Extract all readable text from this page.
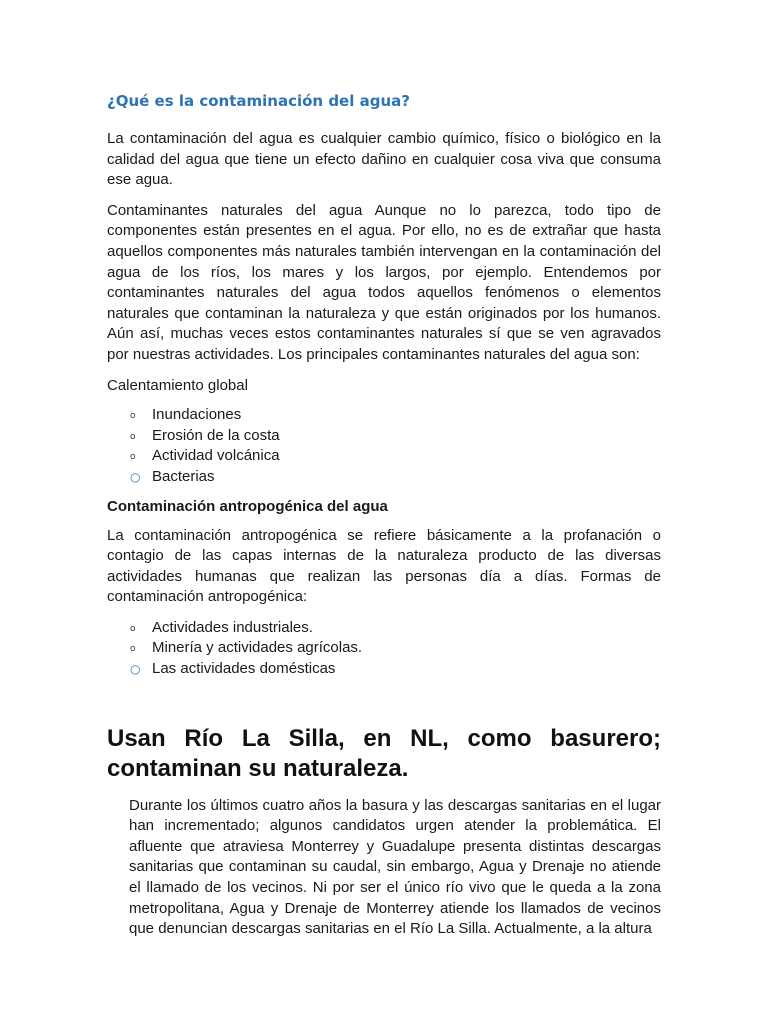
¿Qué es la contaminación del agua?

La contaminación del agua es cualquier cambio químico, físico o biológico en la calidad del agua que tiene un efecto dañino en cualquier cosa viva que consuma ese agua.

Contaminantes naturales del agua Aunque no lo parezca, todo tipo de componentes están presentes en el agua. Por ello, no es de extrañar que hasta aquellos componentes más naturales también intervengan en la contaminación del agua de los ríos, los mares y los largos, por ejemplo. Entendemos por contaminantes naturales del agua todos aquellos fenómenos o elementos naturales que contaminan la naturaleza y que están originados por los humanos. Aún así, muchas veces estos contaminantes naturales sí que se ven agravados por nuestras actividades. Los principales contaminantes naturales del agua son:

Calentamiento global

o Inundaciones
o Erosión de la costa
o Actividad volcánica
○ Bacterias
Contaminación antropogénica del agua

La contaminación antropogénica se refiere básicamente a la profanación o contagio de las capas internas de la naturaleza producto de las diversas actividades humanas que realizan las personas día a días. Formas de contaminación antropogénica:

o Actividades industriales.
o Minería y actividades agrícolas.
○ Las actividades domésticas
Usan Río La Silla, en NL, como basurero; contaminan su naturaleza.

Durante los últimos cuatro años la basura y las descargas sanitarias en el lugar han incrementado; algunos candidatos urgen atender la problemática. El afluente que atraviesa Monterrey y Guadalupe presenta distintas descargas sanitarias que contaminan su caudal, sin embargo, Agua y Drenaje no atiende el llamado de los vecinos. Ni por ser el único río vivo que le queda a la zona metropolitana, Agua y Drenaje de Monterrey atiende los llamados de vecinos que denuncian descargas sanitarias en el Río La Silla. Actualmente, a la altura
